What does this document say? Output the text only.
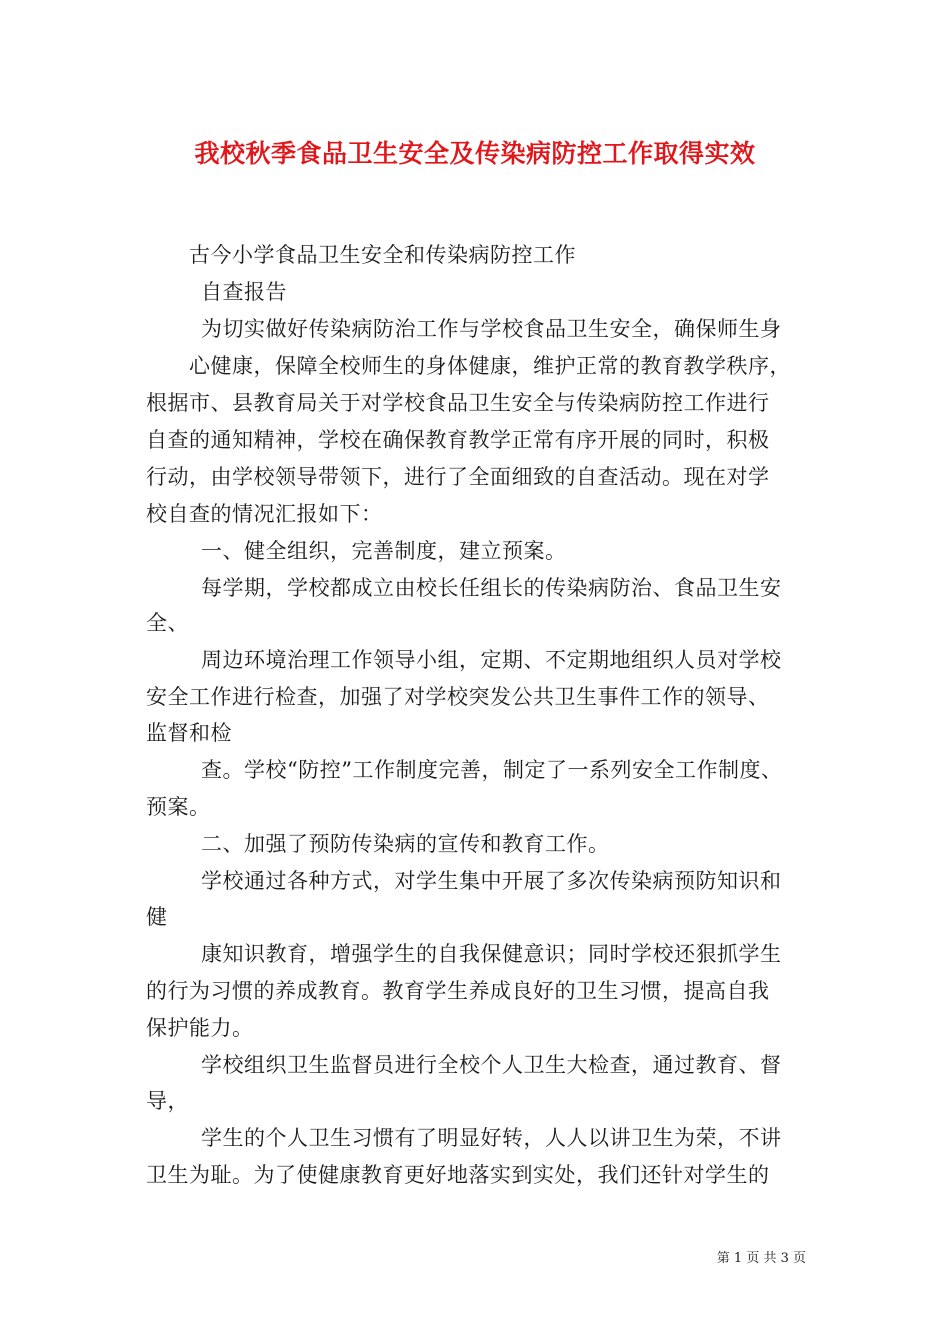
我校秋季食品卫生安全及传染病防控工作取得实效
古今小学食品卫生安全和传染病防控工作
自查报告
为切实做好传染病防治工作与学校食品卫生安全，确保师生身
心健康，保障全校师生的身体健康，维护正常的教育教学秩序，
根据市、县教育局关于对学校食品卫生安全与传染病防控工作进行
自查的通知精神，学校在确保教育教学正常有序开展的同时，积极
行动，由学校领导带领下，进行了全面细致的自查活动。现在对学
校自查的情况汇报如下：
一、健全组织，完善制度，建立预案。
每学期，学校都成立由校长任组长的传染病防治、食品卫生安
全、
周边环境治理工作领导小组，定期、不定期地组织人员对学校
安全工作进行检查，加强了对学校突发公共卫生事件工作的领导、
监督和检
查。学校“防控”工作制度完善，制定了一系列安全工作制度、
预案。
二、加强了预防传染病的宣传和教育工作。
学校通过各种方式，对学生集中开展了多次传染病预防知识和
健
康知识教育，增强学生的自我保健意识；同时学校还狠抓学生
的行为习惯的养成教育。教育学生养成良好的卫生习惯，提高自我
保护能力。
学校组织卫生监督员进行全校个人卫生大检查，通过教育、督
导，
学生的个人卫生习惯有了明显好转，人人以讲卫生为荣，不讲
卫生为耻。为了使健康教育更好地落实到实处，我们还针对学生的
第 1 页 共 3 页
